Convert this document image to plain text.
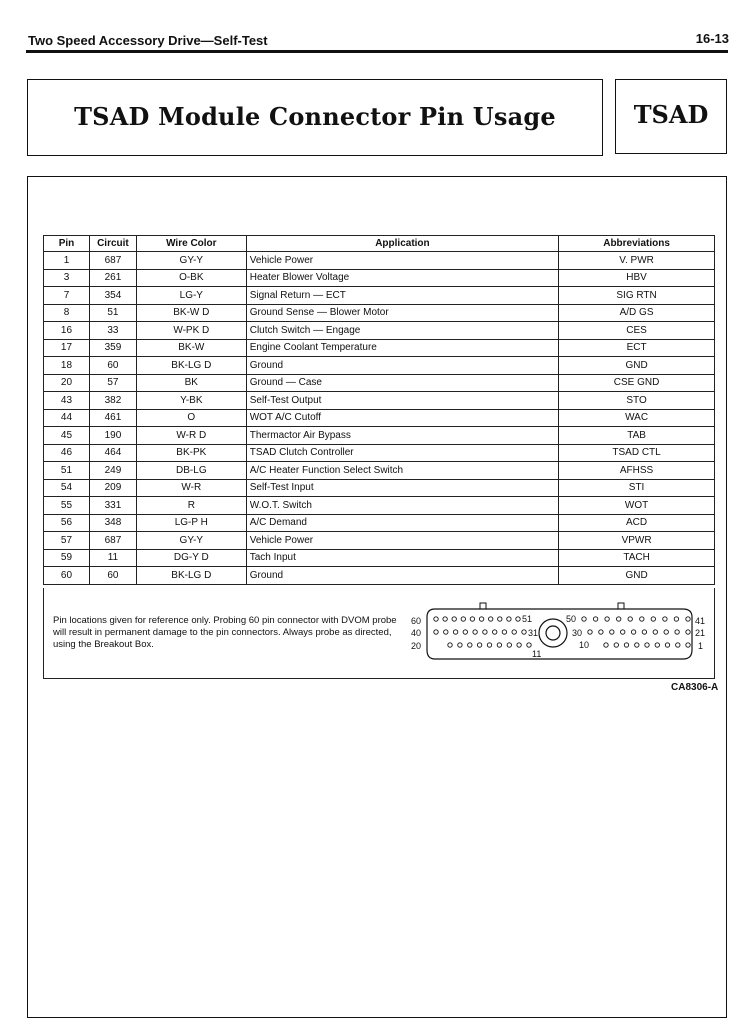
Two Speed Accessory Drive—Self-Test	16-13
TSAD Module Connector Pin Usage	TSAD
Pin	Circuit	Wire Color	Application	Abbreviations
1	687	GY-Y	Vehicle Power	V. PWR
3	261	O-BK	Heater Blower Voltage	HBV
7	354	LG-Y	Signal Return — ECT	SIG RTN
8	51	BK-W D	Ground Sense — Blower Motor	A/D GS
16	33	W-PK D	Clutch Switch — Engage	CES
17	359	BK-W	Engine Coolant Temperature	ECT
18	60	BK-LG D	Ground	GND
20	57	BK	Ground — Case	CSE GND
43	382	Y-BK	Self-Test Output	STO
44	461	O	WOT A/C Cutoff	WAC
45	190	W-R D	Thermactor Air Bypass	TAB
46	464	BK-PK	TSAD Clutch Controller	TSAD CTL
51	249	DB-LG	A/C Heater Function Select Switch	AFHSS
54	209	W-R	Self-Test Input	STI
55	331	R	W.O.T. Switch	WOT
56	348	LG-P H	A/C Demand	ACD
57	687	GY-Y	Vehicle Power	VPWR
59	11	DG-Y D	Tach Input	TACH
60	60	BK-LG D	Ground	GND
Pin locations given for reference only. Probing 60 pin connector with DVOM probe will result in permanent damage to the pin connectors. Always probe as directed, using the Breakout Box.
60
40
20
41
21
1
51	50
31	30
11
10
CA8306-A
